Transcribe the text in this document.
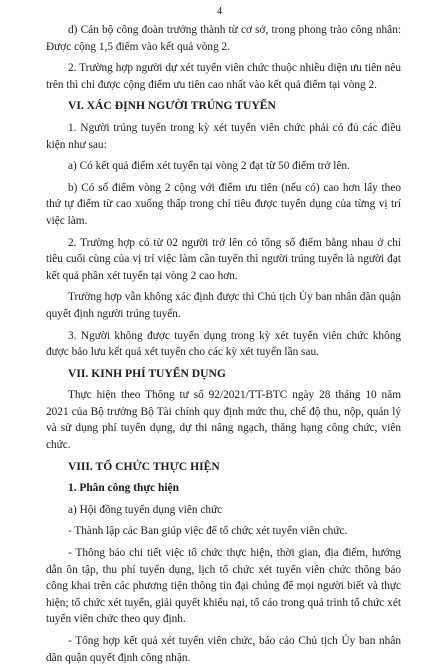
4

d) Cán bộ công đoàn trưởng thành từ cơ sở, trong phong trào công nhân: Được cộng 1,5 điểm vào kết quả vòng 2.

2. Trường hợp người dự xét tuyển viên chức thuộc nhiều diện ưu tiên nêu trên thì chỉ được cộng điểm ưu tiên cao nhất vào kết quả điểm tại vòng 2.

VI. XÁC ĐỊNH NGƯỜI TRÚNG TUYỂN

1. Người trúng tuyển trong kỳ xét tuyển viên chức phải có đủ các điều kiện như sau:

a) Có kết quả điểm xét tuyển tại vòng 2 đạt từ 50 điểm trở lên.

b) Có số điểm vòng 2 cộng với điểm ưu tiên (nếu có) cao hơn lấy theo thứ tự điểm từ cao xuống thấp trong chỉ tiêu được tuyển dụng của từng vị trí việc làm.

2. Trường hợp có từ 02 người trở lên có tổng số điểm bằng nhau ở chỉ tiêu cuối cùng của vị trí việc làm cần tuyển thì người trúng tuyển là người đạt kết quả phần xét tuyển tại vòng 2 cao hơn.

Trường hợp vẫn không xác định được thì Chủ tịch Ủy ban nhân dân quận quyết định người trúng tuyển.

3. Người không được tuyển dụng trong kỳ xét tuyển viên chức không được bảo lưu kết quả xét tuyển cho các kỳ xét tuyển lần sau.

VII. KINH PHÍ TUYỂN DỤNG

Thực hiện theo Thông tư số 92/2021/TT-BTC ngày 28 tháng 10 năm 2021 của Bộ trưởng Bộ Tài chính quy định mức thu, chế độ thu, nộp, quản lý và sử dụng phí tuyển dụng, dự thi nâng ngạch, thăng hạng công chức, viên chức.

VIII. TỔ CHỨC THỰC HIỆN
1. Phân công thực hiện

a) Hội đồng tuyển dụng viên chức

- Thành lập các Ban giúp việc để tổ chức xét tuyển viên chức.

- Thông báo chi tiết việc tổ chức thực hiện, thời gian, địa điểm, hướng dẫn ôn tập, thu phí tuyển dụng, lịch tổ chức xét tuyển viên chức thông báo công khai trên các phương tiện thông tin đại chúng để mọi người biết và thực hiện; tổ chức xét tuyển, giải quyết khiếu nại, tố cáo trong quá trình tổ chức xét tuyển viên chức theo quy định.

- Tổng hợp kết quả xét tuyển viên chức, báo cáo Chủ tịch Ủy ban nhân dân quận quyết định công nhận.
